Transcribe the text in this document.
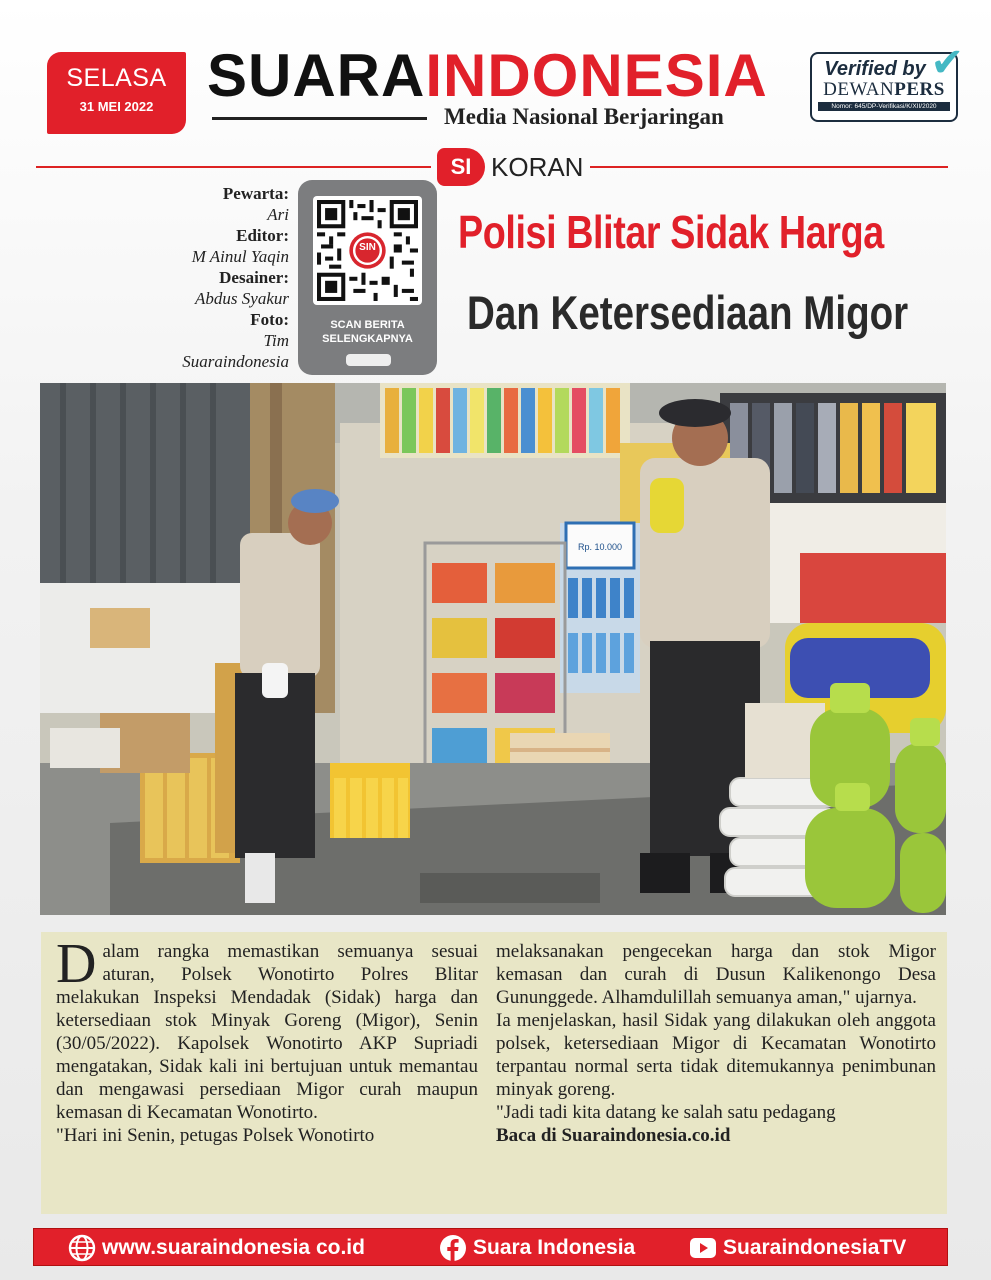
SELASA
31 MEI 2022 SUARAINDONESIA
Media Nasional Berjaringan
✔
Verified by
DEWANPERS
Nomor: 645/DP-Verifikasi/K/XII/2020
SI KORAN
Pewarta:
Ari
Editor:
M Ainul Yaqin
Desainer:
Abdus Syakur
Foto:
Tim Suaraindonesia
SIN
SCAN BERITA
SELENGKAPNYA
Polisi Blitar Sidak Harga
Dan Ketersediaan Migor
Rp. 10.000
D alam rangka memastikan semuanya sesuai aturan, Polsek Wonotirto Polres Blitar melakukan Inspeksi Mendadak (Sidak) harga dan ketersediaan stok Minyak Goreng (Migor), Senin (30/05/2022). Kapolsek Wonotirto AKP Supriadi mengatakan, Sidak kali ini bertujuan untuk memantau dan mengawasi persediaan Migor curah maupun kemasan di Kecamatan Wonotirto.
"Hari ini Senin, petugas Polsek Wonotirto
melaksanakan pengecekan harga dan stok Migor kemasan dan curah di Dusun Kalikenongo Desa Gununggede. Alhamdulillah semuanya aman," ujarnya.
Ia menjelaskan, hasil Sidak yang dilakukan oleh anggota polsek, ketersediaan Migor di Kecamatan Wonotirto terpantau normal serta tidak ditemukannya penimbunan minyak goreng.
"Jadi tadi kita datang ke salah satu pedagang
Baca di Suaraindonesia.co.id
www.suaraindonesia co.id	Suara Indonesia	SuaraindonesiaTV
